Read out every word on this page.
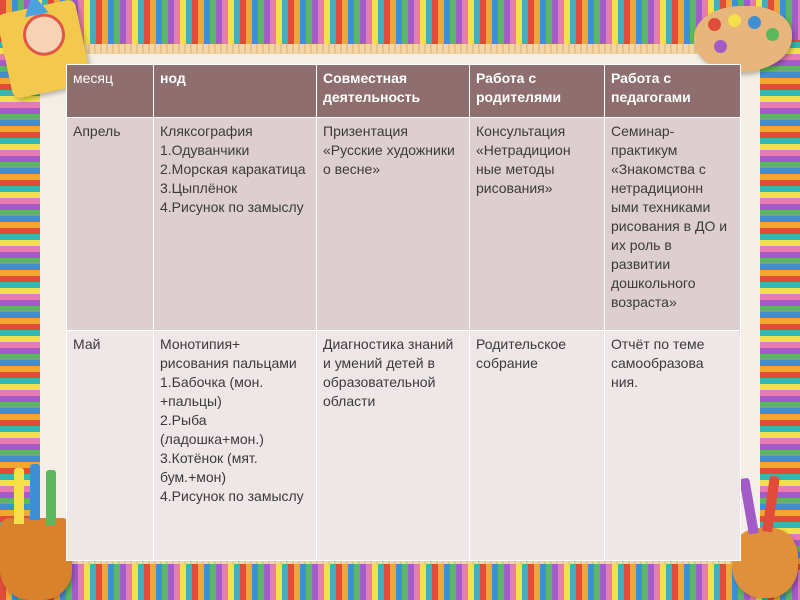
месяц	нод	Совместная деятельность	Работа с родителями	Работа с педагогами
Апрель	Кляксография
1.Одуванчики
2.Морская каракатица
3.Цыплёнок
4.Рисунок по замыслу	Призентация «Русские художники о весне»	Консультация «Нетрадицион ные методы рисования»	Семинар-практикум «Знакомства с нетрадиционн ыми техниками рисования в ДО и их роль в развитии дошкольного возраста»
Май	Монотипия+ рисования пальцами
1.Бабочка (мон. +пальцы)
2.Рыба (ладошка+мон.)
3.Котёнок (мят. бум.+мон)
4.Рисунок по замыслу	Диагностика знаний и умений детей в образовательной области	Родительское собрание	Отчёт по теме самообразова ния.
